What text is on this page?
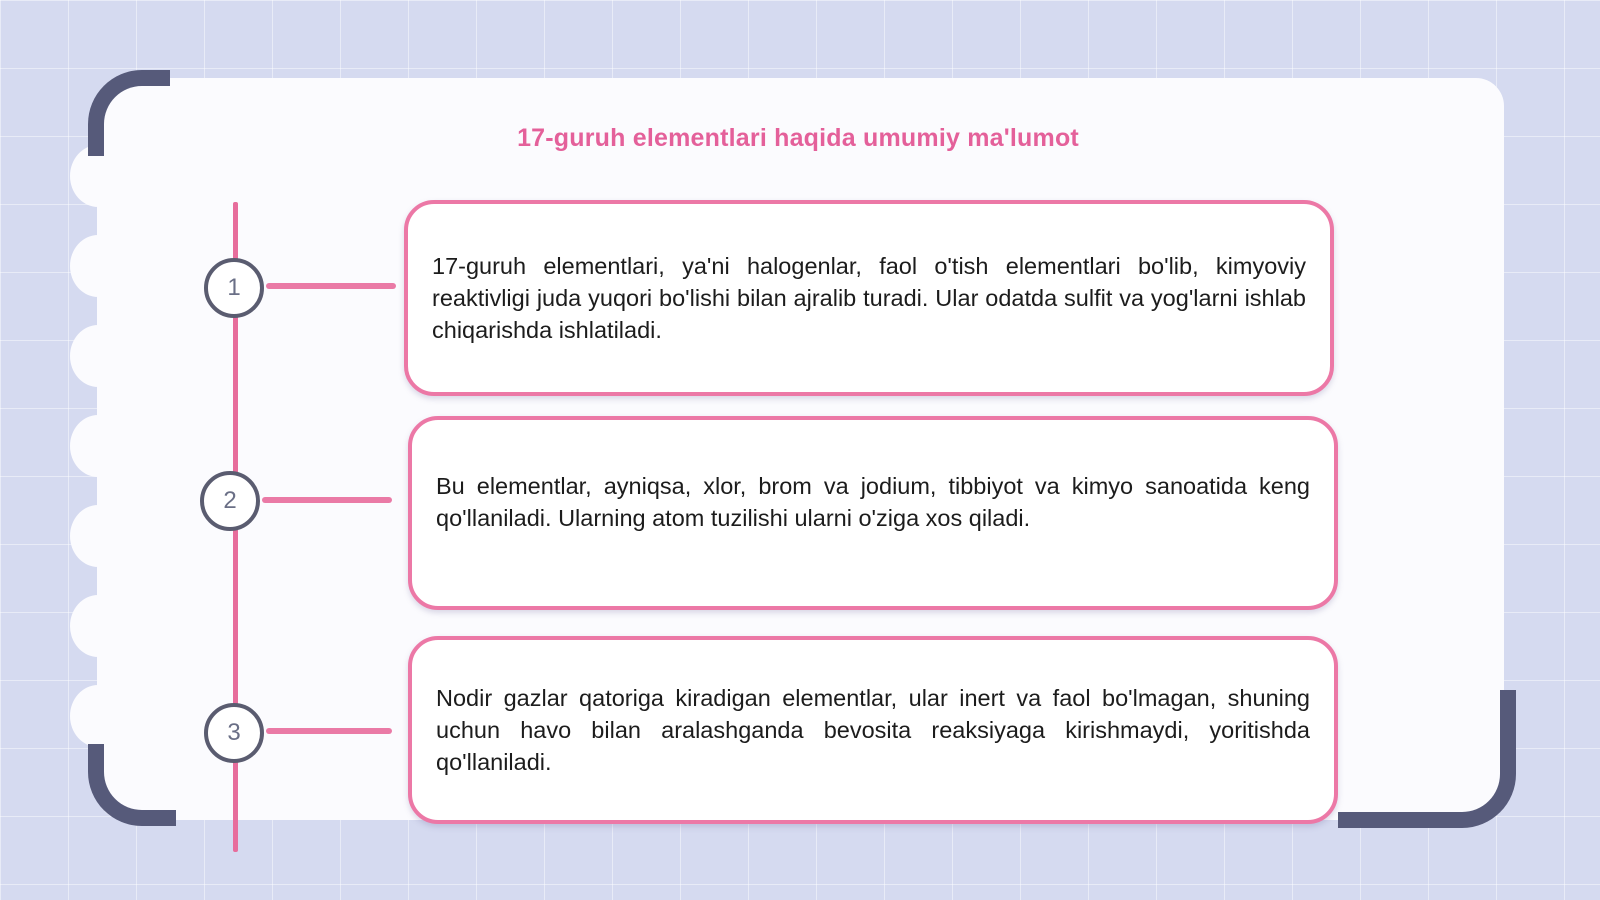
17-guruh elementlari haqida umumiy ma'lumot
1
17-guruh elementlari, ya'ni halogenlar, faol o'tish elementlari bo'lib, kimyoviy reaktivligi juda yuqori bo'lishi bilan ajralib turadi. Ular odatda sulfit va yog'larni ishlab chiqarishda ishlatiladi.
2
Bu elementlar, ayniqsa, xlor, brom va jodium, tibbiyot va kimyo sanoatida keng qo'llaniladi. Ularning atom tuzilishi ularni o'ziga xos qiladi.
3
Nodir gazlar qatoriga kiradigan elementlar, ular inert va faol bo'lmagan, shuning uchun havo bilan aralashganda bevosita reaksiyaga kirishmaydi, yoritishda qo'llaniladi.
